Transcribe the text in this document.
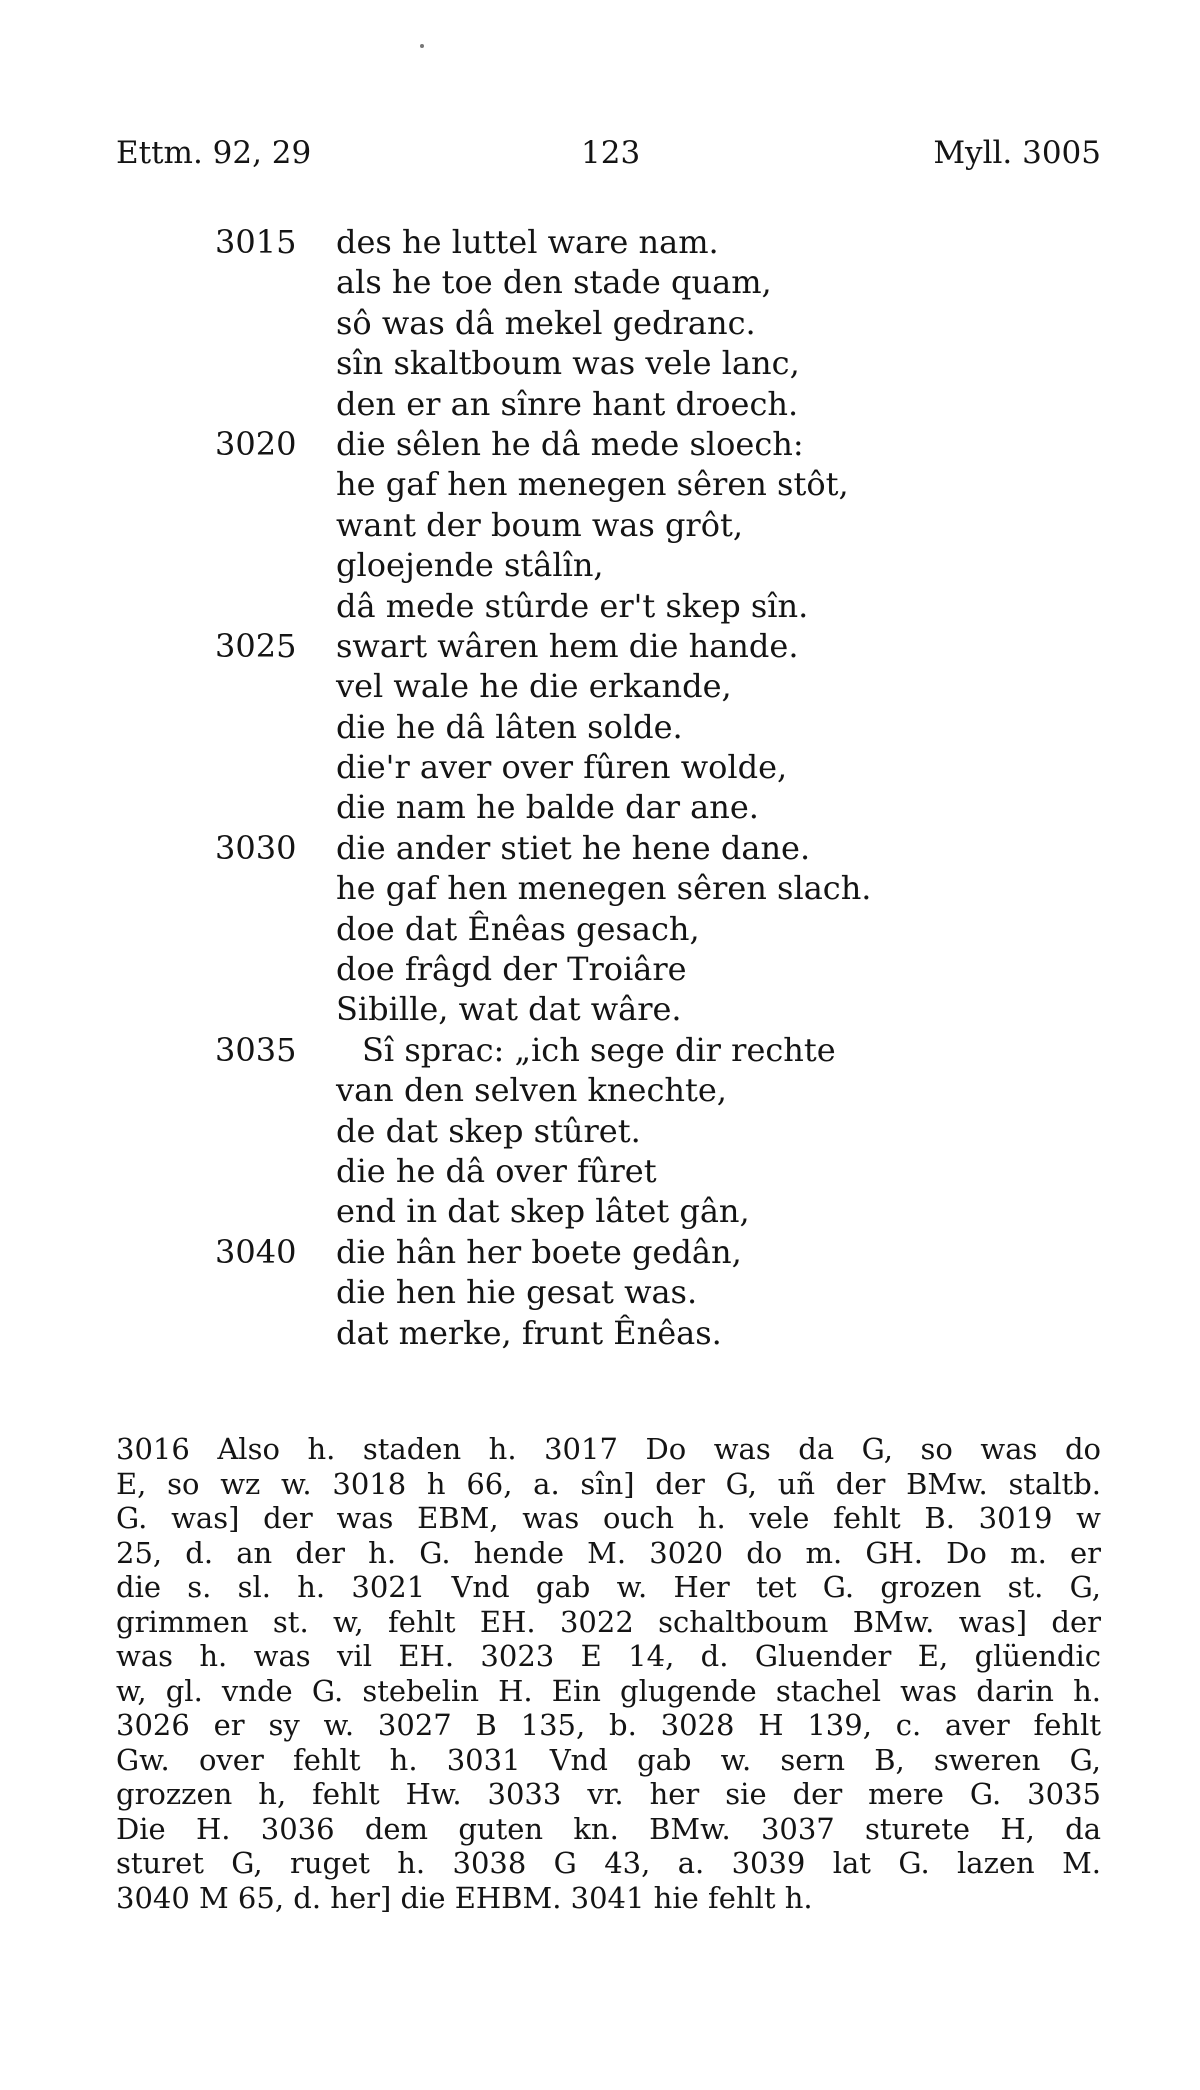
Ettm. 92, 29	123	Myll. 3005
3015	des he luttel ware nam.
als he toe den stade quam,
sô was dâ mekel gedranc.
sîn skaltboum was vele lanc,
den er an sînre hant droech.
3020	die sêlen he dâ mede sloech:
he gaf hen menegen sêren stôt,
want der boum was grôt,
gloejende stâlîn,
dâ mede stûrde er't skep sîn.
3025	swart wâren hem die hande.
vel wale he die erkande,
die he dâ lâten solde.
die'r aver over fûren wolde,
die nam he balde dar ane.
3030	die ander stiet he hene dane.
he gaf hen menegen sêren slach.
doe dat Ênêas gesach,
doe frâgd der Troiâre
Sibille, wat dat wâre.
3035	Sî sprac: „ich sege dir rechte
van den selven knechte,
de dat skep stûret.
die he dâ over fûret
end in dat skep lâtet gân,
3040	die hân her boete gedân,
die hen hie gesat was.
dat merke, frunt Ênêas.
3016 Also h. staden h. 3017 Do was da G, so was do
E, so wz w. 3018 h 66, a. sîn] der G, uñ der BMw. staltb.
G. was] der was EBM, was ouch h. vele fehlt B. 3019 w
25, d. an der h. G. hende M. 3020 do m. GH. Do m. er
die s. sl. h. 3021 Vnd gab w. Her tet G. grozen st. G,
grimmen st. w, fehlt EH. 3022 schaltboum BMw. was] der
was h. was vil EH. 3023 E 14, d. Gluender E, glüendic
w, gl. vnde G. stebelin H. Ein glugende stachel was darin h.
3026 er sy w. 3027 B 135, b. 3028 H 139, c. aver fehlt
Gw. over fehlt h. 3031 Vnd gab w. sern B, sweren G,
grozzen h, fehlt Hw. 3033 vr. her sie der mere G. 3035
Die H. 3036 dem guten kn. BMw. 3037 sturete H, da
sturet G, ruget h. 3038 G 43, a. 3039 lat G. lazen M.
3040 M 65, d. her] die EHBM. 3041 hie fehlt h.
